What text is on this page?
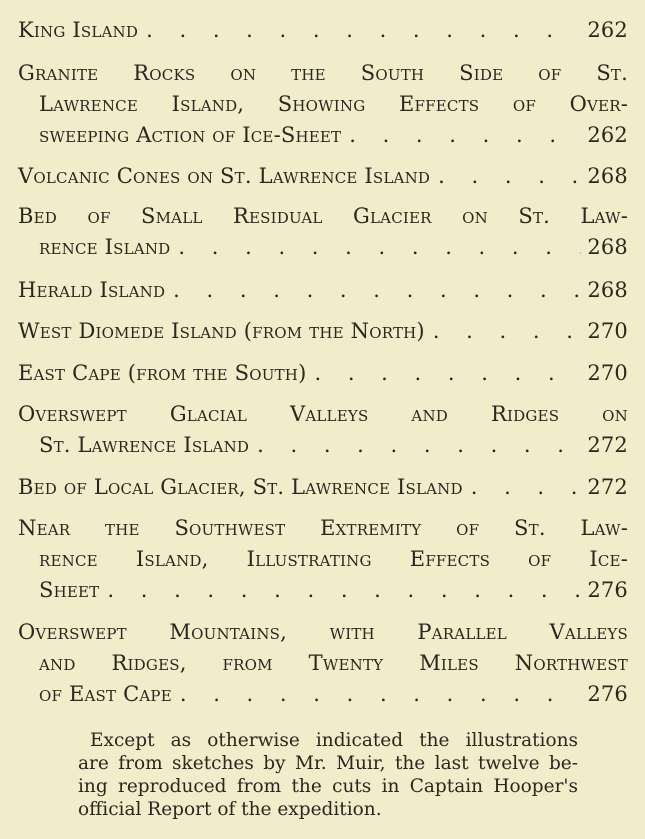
King Island . . .	262
Granite Rocks on the South Side of St.
Lawrence Island, Showing Effects of Over-
sweeping Action of Ice-Sheet . . .	262
Volcanic Cones on St. Lawrence Island . . .	268
Bed of Small Residual Glacier on St. Law-
rence Island . . .	268
Herald Island . . .	268
West Diomede Island (from the North) . . .	270
East Cape (from the South) . . .	270
Overswept Glacial Valleys and Ridges on
St. Lawrence Island . . .	272
Bed of Local Glacier, St. Lawrence Island . . .	272
Near the Southwest Extremity of St. Law-
rence Island, Illustrating Effects of Ice-
Sheet . . .	276
Overswept Mountains, with Parallel Valleys
and Ridges, from Twenty Miles Northwest
of East Cape . . .	276
Except as otherwise indicated the illustrations
are from sketches by Mr. Muir, the last twelve be-
ing reproduced from the cuts in Captain Hooper's
official Report of the expedition.
